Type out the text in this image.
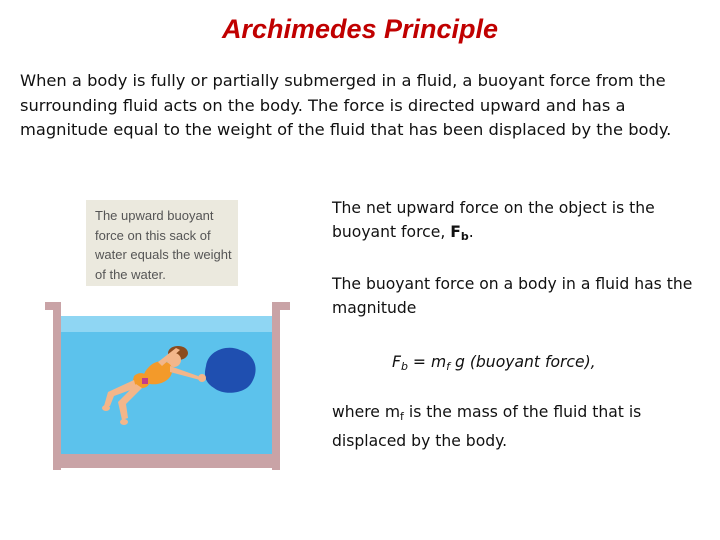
Archimedes Principle
When a body is fully or partially submerged in a fluid, a buoyant force from the surrounding fluid acts on the body. The force is directed upward and has a magnitude equal to the weight of the fluid that has been displaced by the body.
The upward buoyant force on this sack of water equals the weight of the water.

The net upward force on the object is the buoyant force, $F_b$.

The buoyant force on a body in a fluid has the magnitude

$F_b = m_f$ g (buoyant force),

where $m_f$ is the mass of the fluid that is displaced by the body.
